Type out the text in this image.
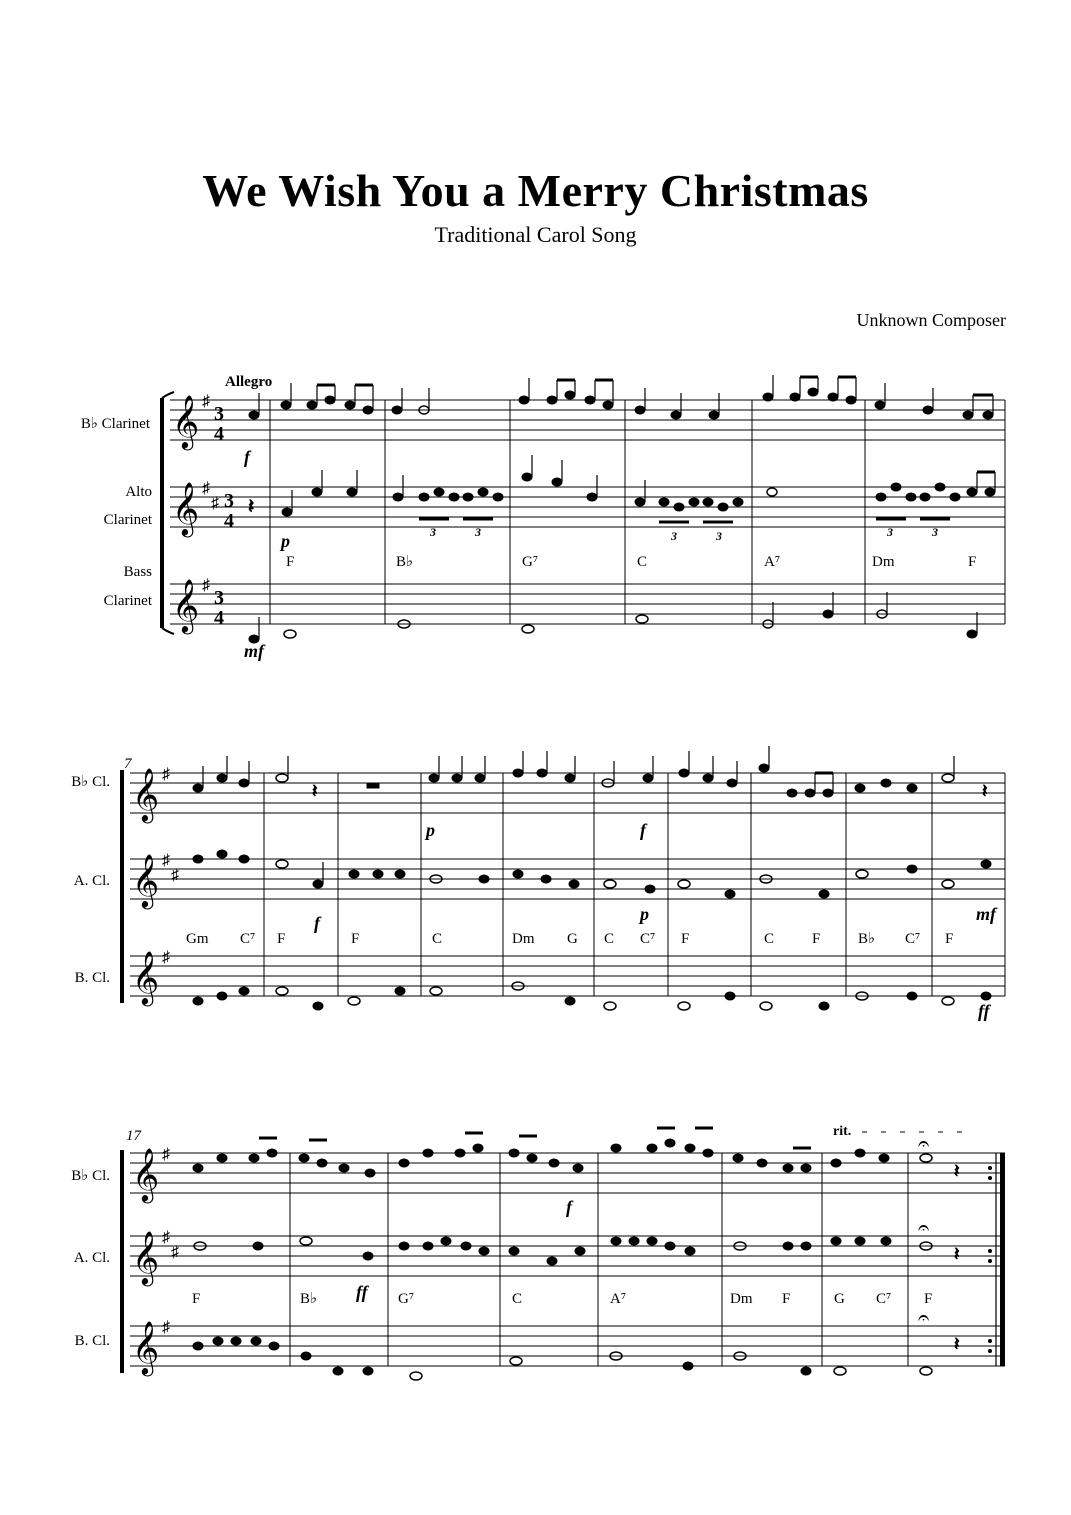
We Wish You a Merry Christmas
Traditional Carol Song
Unknown Composer
B♭ Clarinet
Alto
Clarinet
Bass
Clarinet
Allegro
𝄞
𝄞
𝄞
♯
♯
♯
♯
3
4
3
4
3
4
𝄽
3	3	3	3	3	3
F	B♭	G⁷	C	A⁷	Dm	F
f
p
mf
7
B♭ Cl.
A. Cl.
B. Cl.
𝄞
𝄞
𝄞
♯
♯
♯
♯
𝄽	𝄽
Gm C⁷ F	F	C	Dm G C C⁷ F	C	F	B♭ C⁷ F
p	f
f	p	mf
ff
17
B♭ Cl.
A. Cl.
B. Cl.
rit.
𝄞
𝄞
𝄞
♯
♯
♯
♯
𝄽
𝄽
𝄽
𝄐
𝄐
𝄐
F	B♭	G⁷	C	A⁷	Dm F	G C⁷ F
f
ff
